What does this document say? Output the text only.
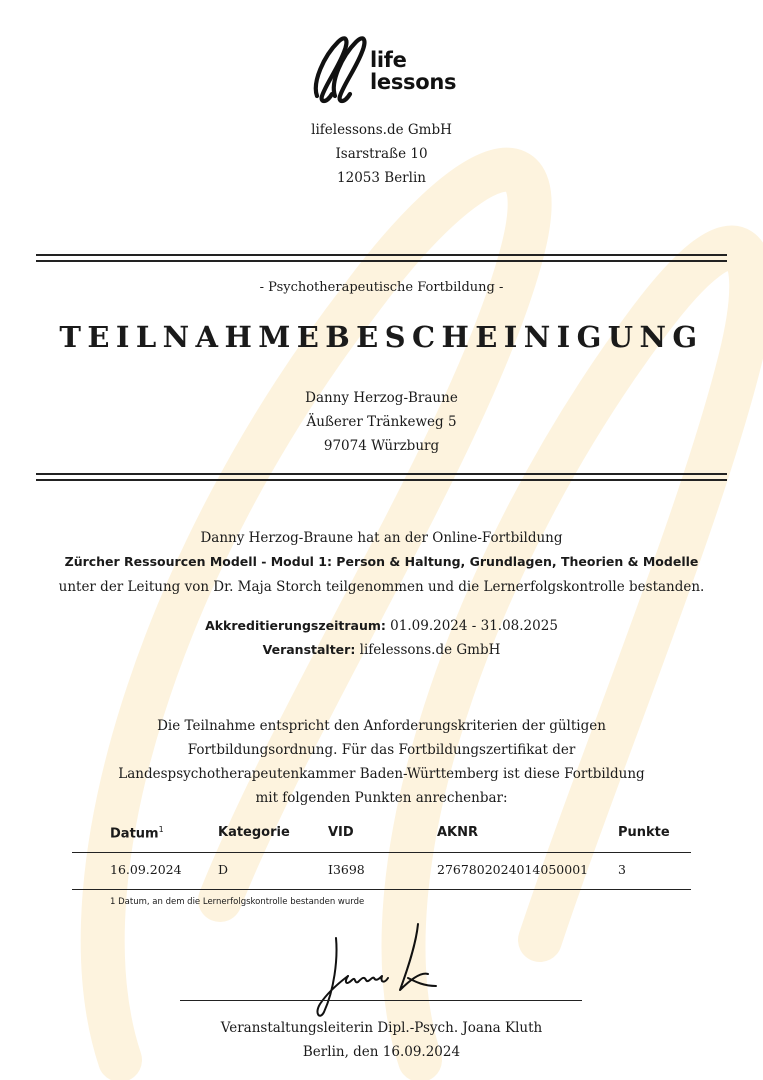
life
lessons
lifelessons.de GmbH
Isarstraße 10
12053 Berlin
- Psychotherapeutische Fortbildung -
TEILNAHMEBESCHEINIGUNG
Danny Herzog-Braune
Äußerer Tränkeweg 5
97074 Würzburg
Danny Herzog-Braune hat an der Online-Fortbildung
Zürcher Ressourcen Modell - Modul 1: Person & Haltung, Grundlagen, Theorien & Modelle
unter der Leitung von Dr. Maja Storch teilgenommen und die Lernerfolgskontrolle bestanden.
Akkreditierungszeitraum: 01.09.2024 - 31.08.2025
Veranstalter: lifelessons.de GmbH
Die Teilnahme entspricht den Anforderungskriterien der gültigen
Fortbildungsordnung. Für das Fortbildungszertifikat der
Landespsychotherapeutenkammer Baden-Württemberg ist diese Fortbildung
mit folgenden Punkten anrechenbar:
Datum$^1$	Kategorie	VID	AKNR	Punkte
16.09.2024	D	I3698	2767802024014050001 3
1 Datum, an dem die Lernerfolgskontrolle bestanden wurde
Veranstaltungsleiterin Dipl.-Psych. Joana Kluth
Berlin, den 16.09.2024
